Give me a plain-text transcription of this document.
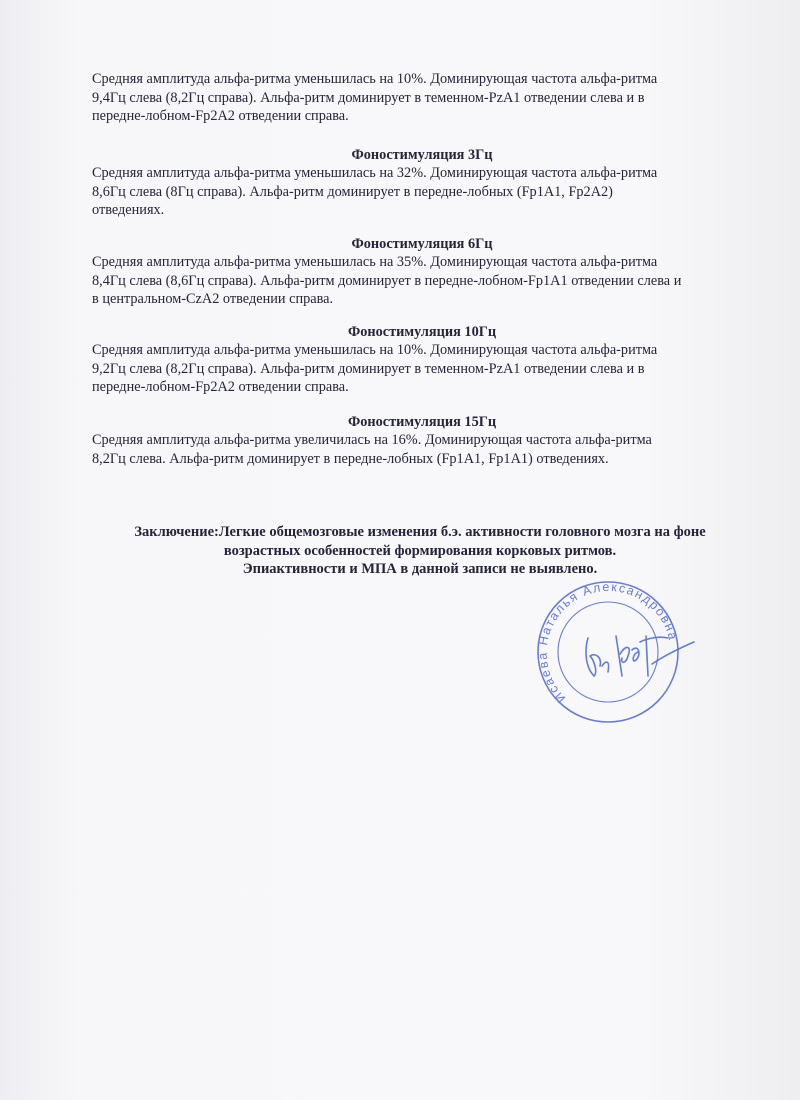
Средняя амплитуда альфа-ритма уменьшилась на 10%. Доминирующая частота альфа-ритма

9,4Гц слева (8,2Гц справа). Альфа-ритм доминирует в теменном-PzA1 отведении слева и в

передне-лобном-Fp2A2 отведении справа.

Фоностимуляция 3Гц

Средняя амплитуда альфа-ритма уменьшилась на 32%. Доминирующая частота альфа-ритма

8,6Гц слева (8Гц справа). Альфа-ритм доминирует в передне-лобных (Fp1A1, Fp2A2)

отведениях.

Фоностимуляция 6Гц

Средняя амплитуда альфа-ритма уменьшилась на 35%. Доминирующая частота альфа-ритма

8,4Гц слева (8,6Гц справа). Альфа-ритм доминирует в передне-лобном-Fp1A1 отведении слева и

в центральном-CzA2 отведении справа.

Фоностимуляция 10Гц

Средняя амплитуда альфа-ритма уменьшилась на 10%. Доминирующая частота альфа-ритма

9,2Гц слева (8,2Гц справа). Альфа-ритм доминирует в теменном-PzA1 отведении слева и в

передне-лобном-Fp2A2 отведении справа.

Фоностимуляция 15Гц

Средняя амплитуда альфа-ритма увеличилась на 16%. Доминирующая частота альфа-ритма

8,2Гц слева. Альфа-ритм доминирует в передне-лобных (Fp1A1, Fp1A1) отведениях.

Заключение:Легкие общемозговые изменения б.э. активности головного мозга на фоне
возрастных особенностей формирования корковых ритмов.
Эпиактивности и МПА в данной записи не выявлено.
Исаева Наталья Александровна
